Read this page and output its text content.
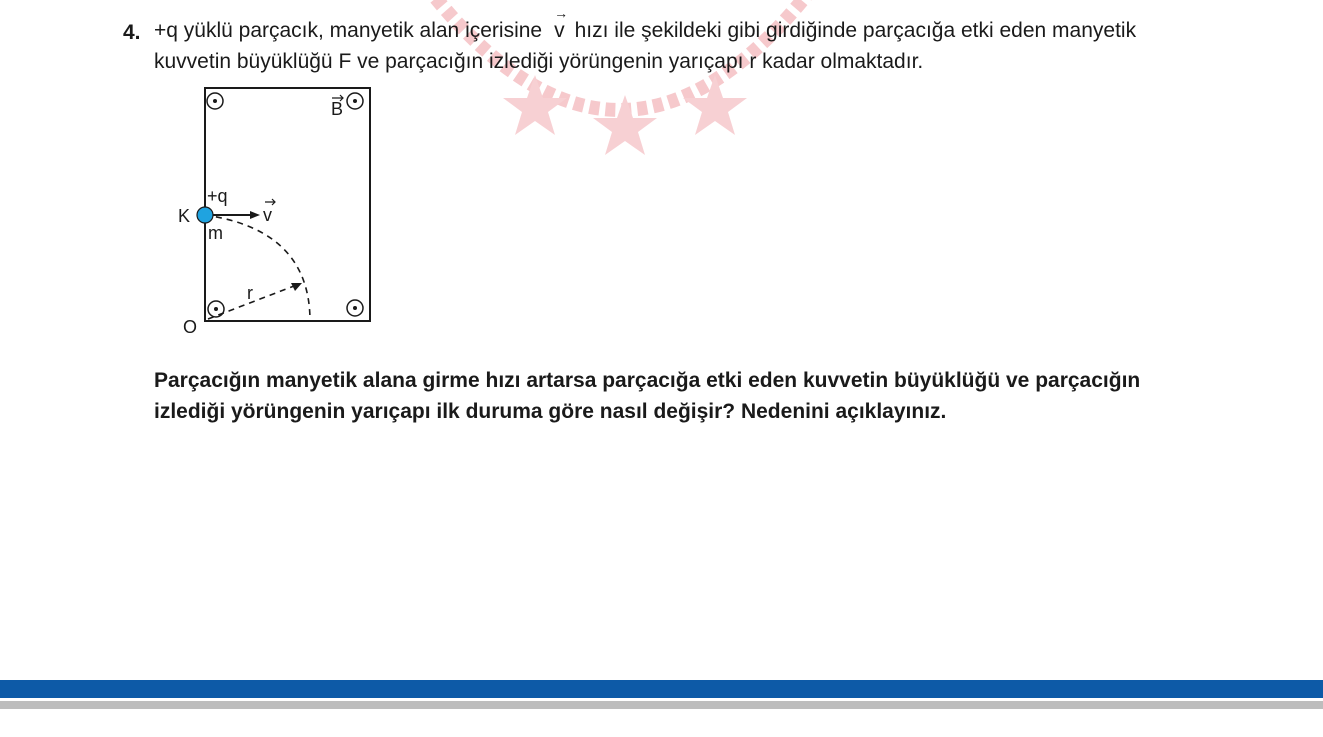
4. +q yüklü parçacık, manyetik alan içerisine
→
v hızı ile şekildeki gibi girdiğinde parçacığa etki eden manyetik
kuvvetin büyüklüğü F ve parçacığın izlediği yörüngenin yarıçapı r kadar olmaktadır.
B
v
r
+q
m
K
O
Parçacığın manyetik alana girme hızı artarsa parçacığa etki eden kuvvetin büyüklüğü ve parçacığın
izlediği yörüngenin yarıçapı ilk duruma göre nasıl değişir? Nedenini açıklayınız.
